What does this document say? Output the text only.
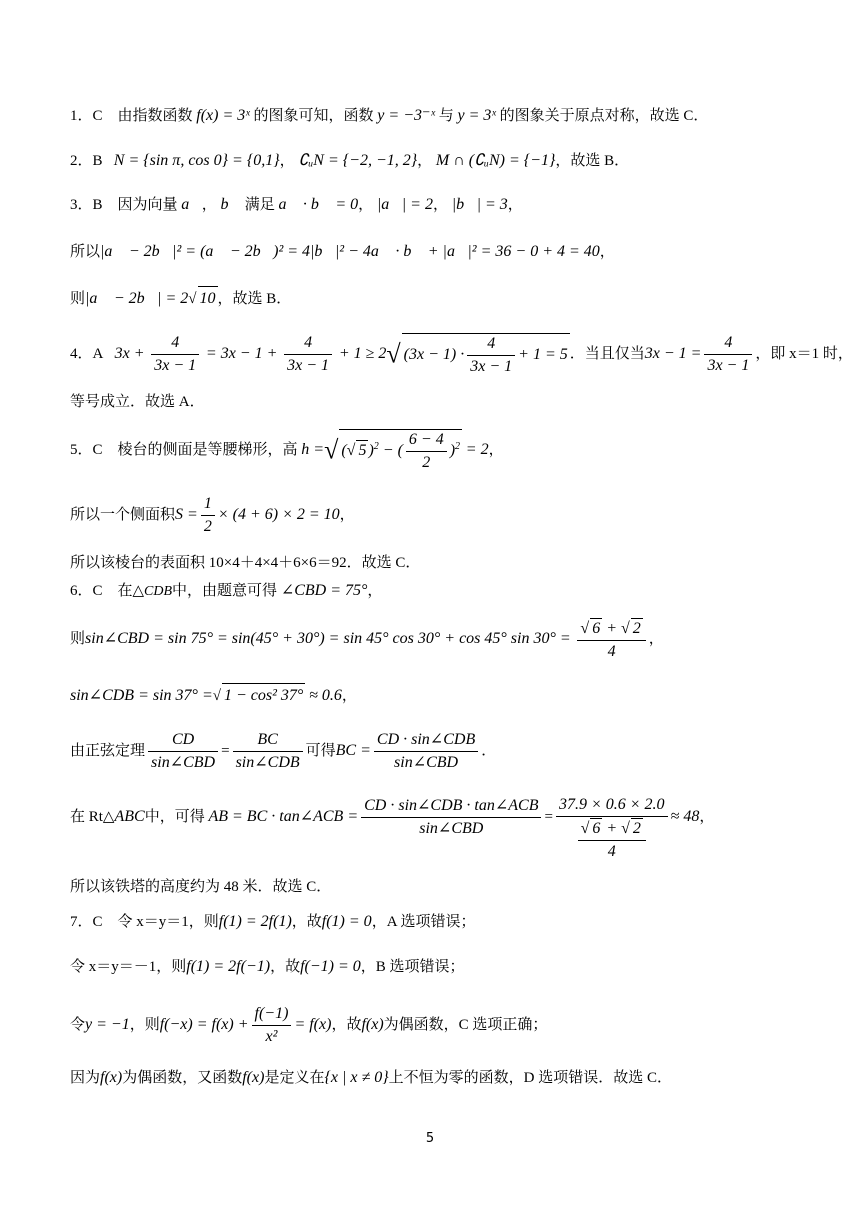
1．C　由指数函数 f(x) = 3ˣ 的图象可知，函数 y = −3⁻ˣ 与 y = 3ˣ 的图象关于原点对称，故选 C．
2．B N = {sin π, cos 0} = {0,1}， ∁ᵤN = {−2, −1, 2}， M ∩ (∁ᵤN) = {−1}，故选 B．
3．B　因为向量 a⃗， b⃗ 满足 a⃗ · b⃗ = 0， |a⃗| = 2， |b⃗| = 3，
所以|a⃗ − 2b⃗|² = (a⃗ − 2b⃗)² = 4|b⃗|² − 4a⃗ · b⃗ + |a⃗|² = 36 − 0 + 4 = 40，
则|a⃗ − 2b⃗| = 2√ 10 ，故选 B．
4．A $3x + \frac{4}{3x - 1} = 3x - 1 + \frac{4}{3x - 1} + 1 \ge 2√$ $(3x - 1) \cdot \frac{4}{3x - 1} + 1 = 5$ ．当且仅当$3x - 1 = \frac{4}{3x - 1}$ ，即 x＝1 时，
等号成立．故选 A．
5．C　棱台的侧面是等腰梯形，高 h =√ (√ 5 )$^2$ − ( $\frac{6 - 4}{2} )^2 = 2$，
所以一个侧面积$S = \frac{1}{2} \times (4 + 6) \times 2 = 10$，
所以该棱台的表面积 10×4＋4×4＋6×6＝92．故选 C．
6．C　在△CDB中，由题意可得 ∠CBD = 75°，
则sin∠CBD = sin 75° = sin(45° + 30°) = sin 45° cos 30° + cos 45° $\sin 30^\circ = \frac{√ 6 + √ 2}{4}$ ，
sin∠CDB = sin 37° =√ 1 − cos² 37° ≈ 0.6，
由正弦定理 $\frac{CD}{\text{sin∠CBD}} = \frac{BC}{\text{sin∠CDB}}$ 可得BC = $\frac{\text{CD · sin∠CDB}}{\text{sin∠CBD}}$ ．
在 Rt△ABC中，可得 AB = BC · tan∠ACB = $\frac{\text{CD · sin∠CDB · tan∠ACB}}{\text{sin∠CBD}} = \frac{37.9 \times 0.6 \times 2.0}{\frac{√ 6 + √ 2}{4}} \approx 48$，
所以该铁塔的高度约为 48 米．故选 C．
7．C　令 x＝y＝1，则f(1) = 2f(1)，故f(1) = 0，A 选项错误；
令 x＝y＝－1，则f(1) = 2f(−1)，故f(−1) = 0，B 选项错误；
令y = −1，则$f(-x) = f(x) + \frac{f(-1)}{\text{x²}} = f(x)$，故f(x)为偶函数，C 选项正确；
因为f(x)为偶函数，又函数f(x)是定义在{x | x ≠ 0}上不恒为零的函数，D 选项错误．故选 C．
5
